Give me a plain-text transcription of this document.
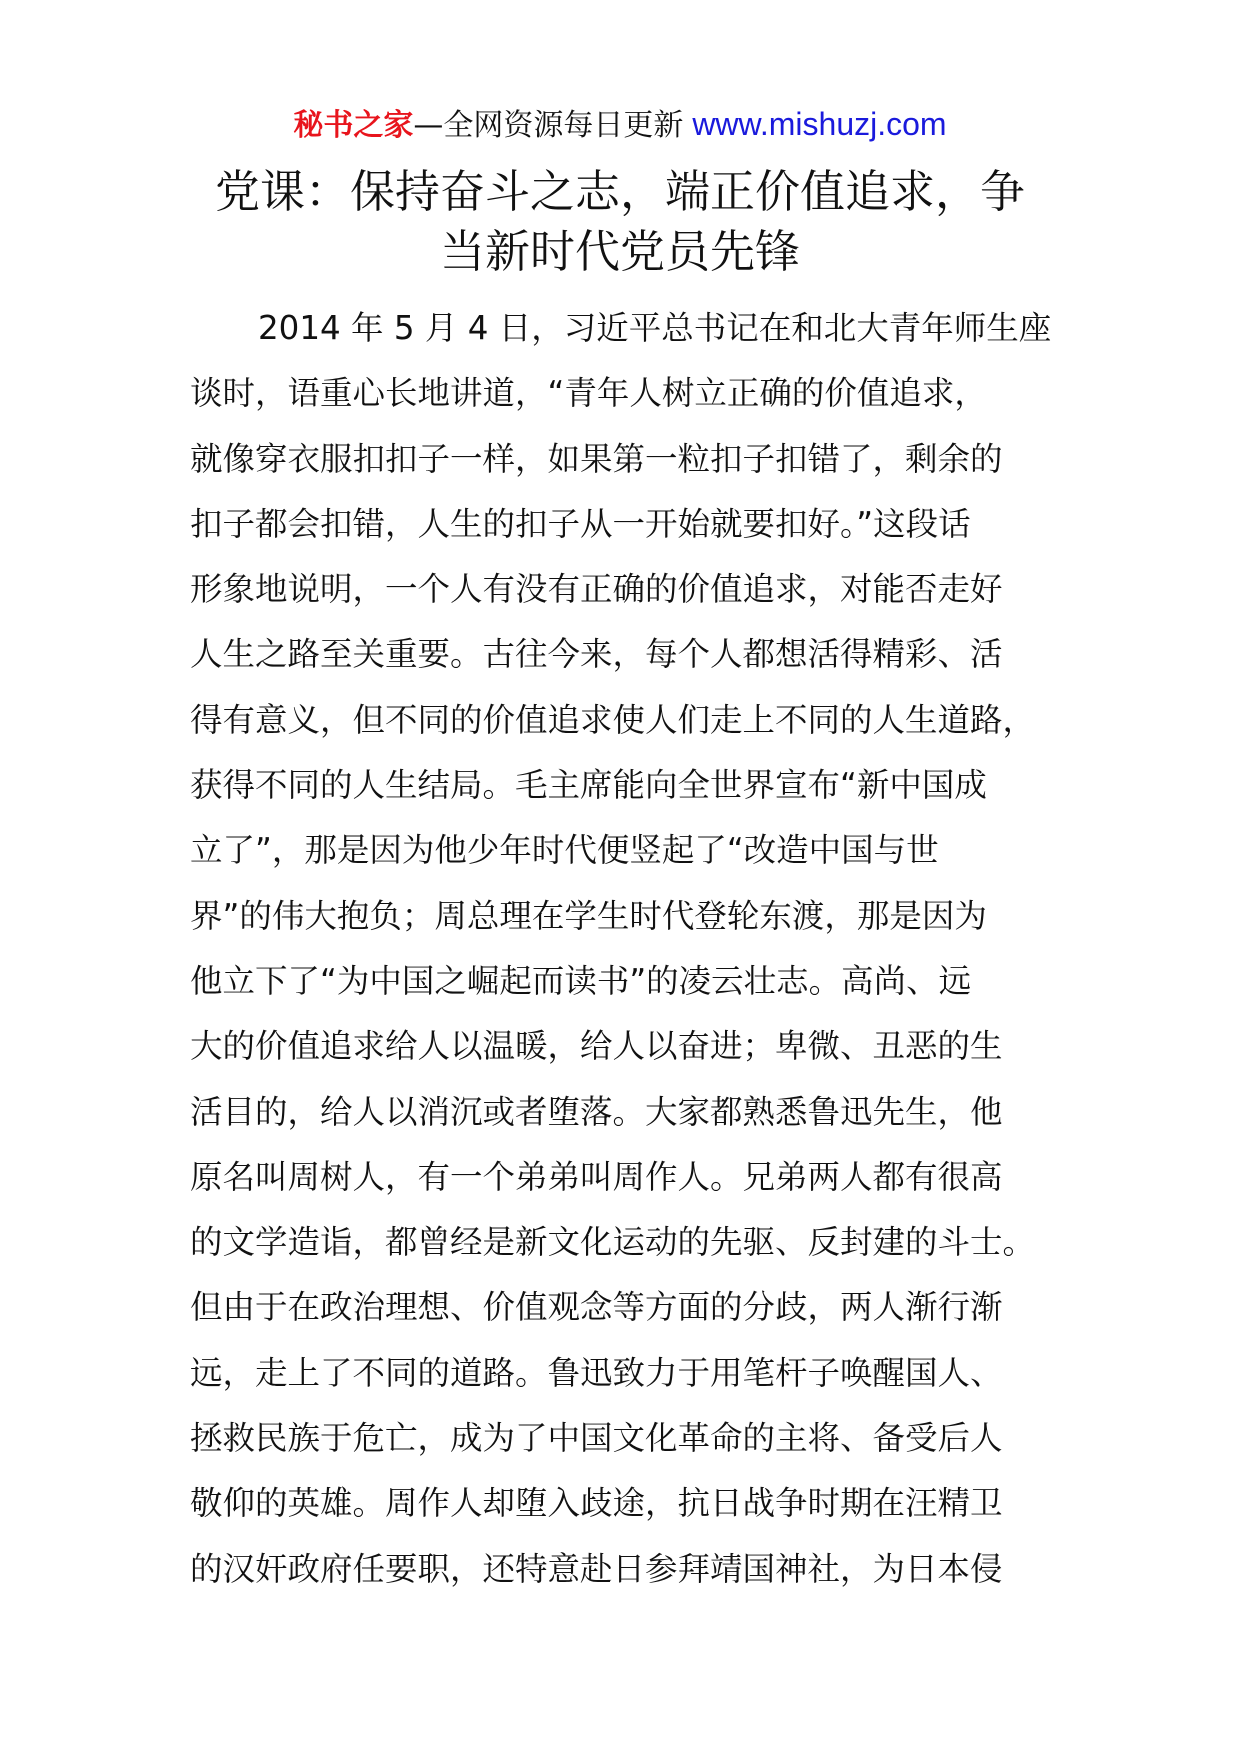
秘书之家—全网资源每日更新 www.mishuzj.com
党课：保持奋斗之志，端正价值追求，争
当新时代党员先锋
2014 年 5 月 4 日，习近平总书记在和北大青年师生座
谈时，语重心长地讲道，“青年人树立正确的价值追求，
就像穿衣服扣扣子一样，如果第一粒扣子扣错了，剩余的
扣子都会扣错，人生的扣子从一开始就要扣好。”这段话
形象地说明，一个人有没有正确的价值追求，对能否走好
人生之路至关重要。古往今来，每个人都想活得精彩、活
得有意义，但不同的价值追求使人们走上不同的人生道路，
获得不同的人生结局。毛主席能向全世界宣布“新中国成
立了”，那是因为他少年时代便竖起了“改造中国与世
界”的伟大抱负；周总理在学生时代登轮东渡，那是因为
他立下了“为中国之崛起而读书”的凌云壮志。高尚、远
大的价值追求给人以温暖，给人以奋进；卑微、丑恶的生
活目的，给人以消沉或者堕落。大家都熟悉鲁迅先生，他
原名叫周树人，有一个弟弟叫周作人。兄弟两人都有很高
的文学造诣，都曾经是新文化运动的先驱、反封建的斗士。
但由于在政治理想、价值观念等方面的分歧，两人渐行渐
远，走上了不同的道路。鲁迅致力于用笔杆子唤醒国人、
拯救民族于危亡，成为了中国文化革命的主将、备受后人
敬仰的英雄。周作人却堕入歧途，抗日战争时期在汪精卫
的汉奸政府任要职，还特意赴日参拜靖国神社，为日本侵
